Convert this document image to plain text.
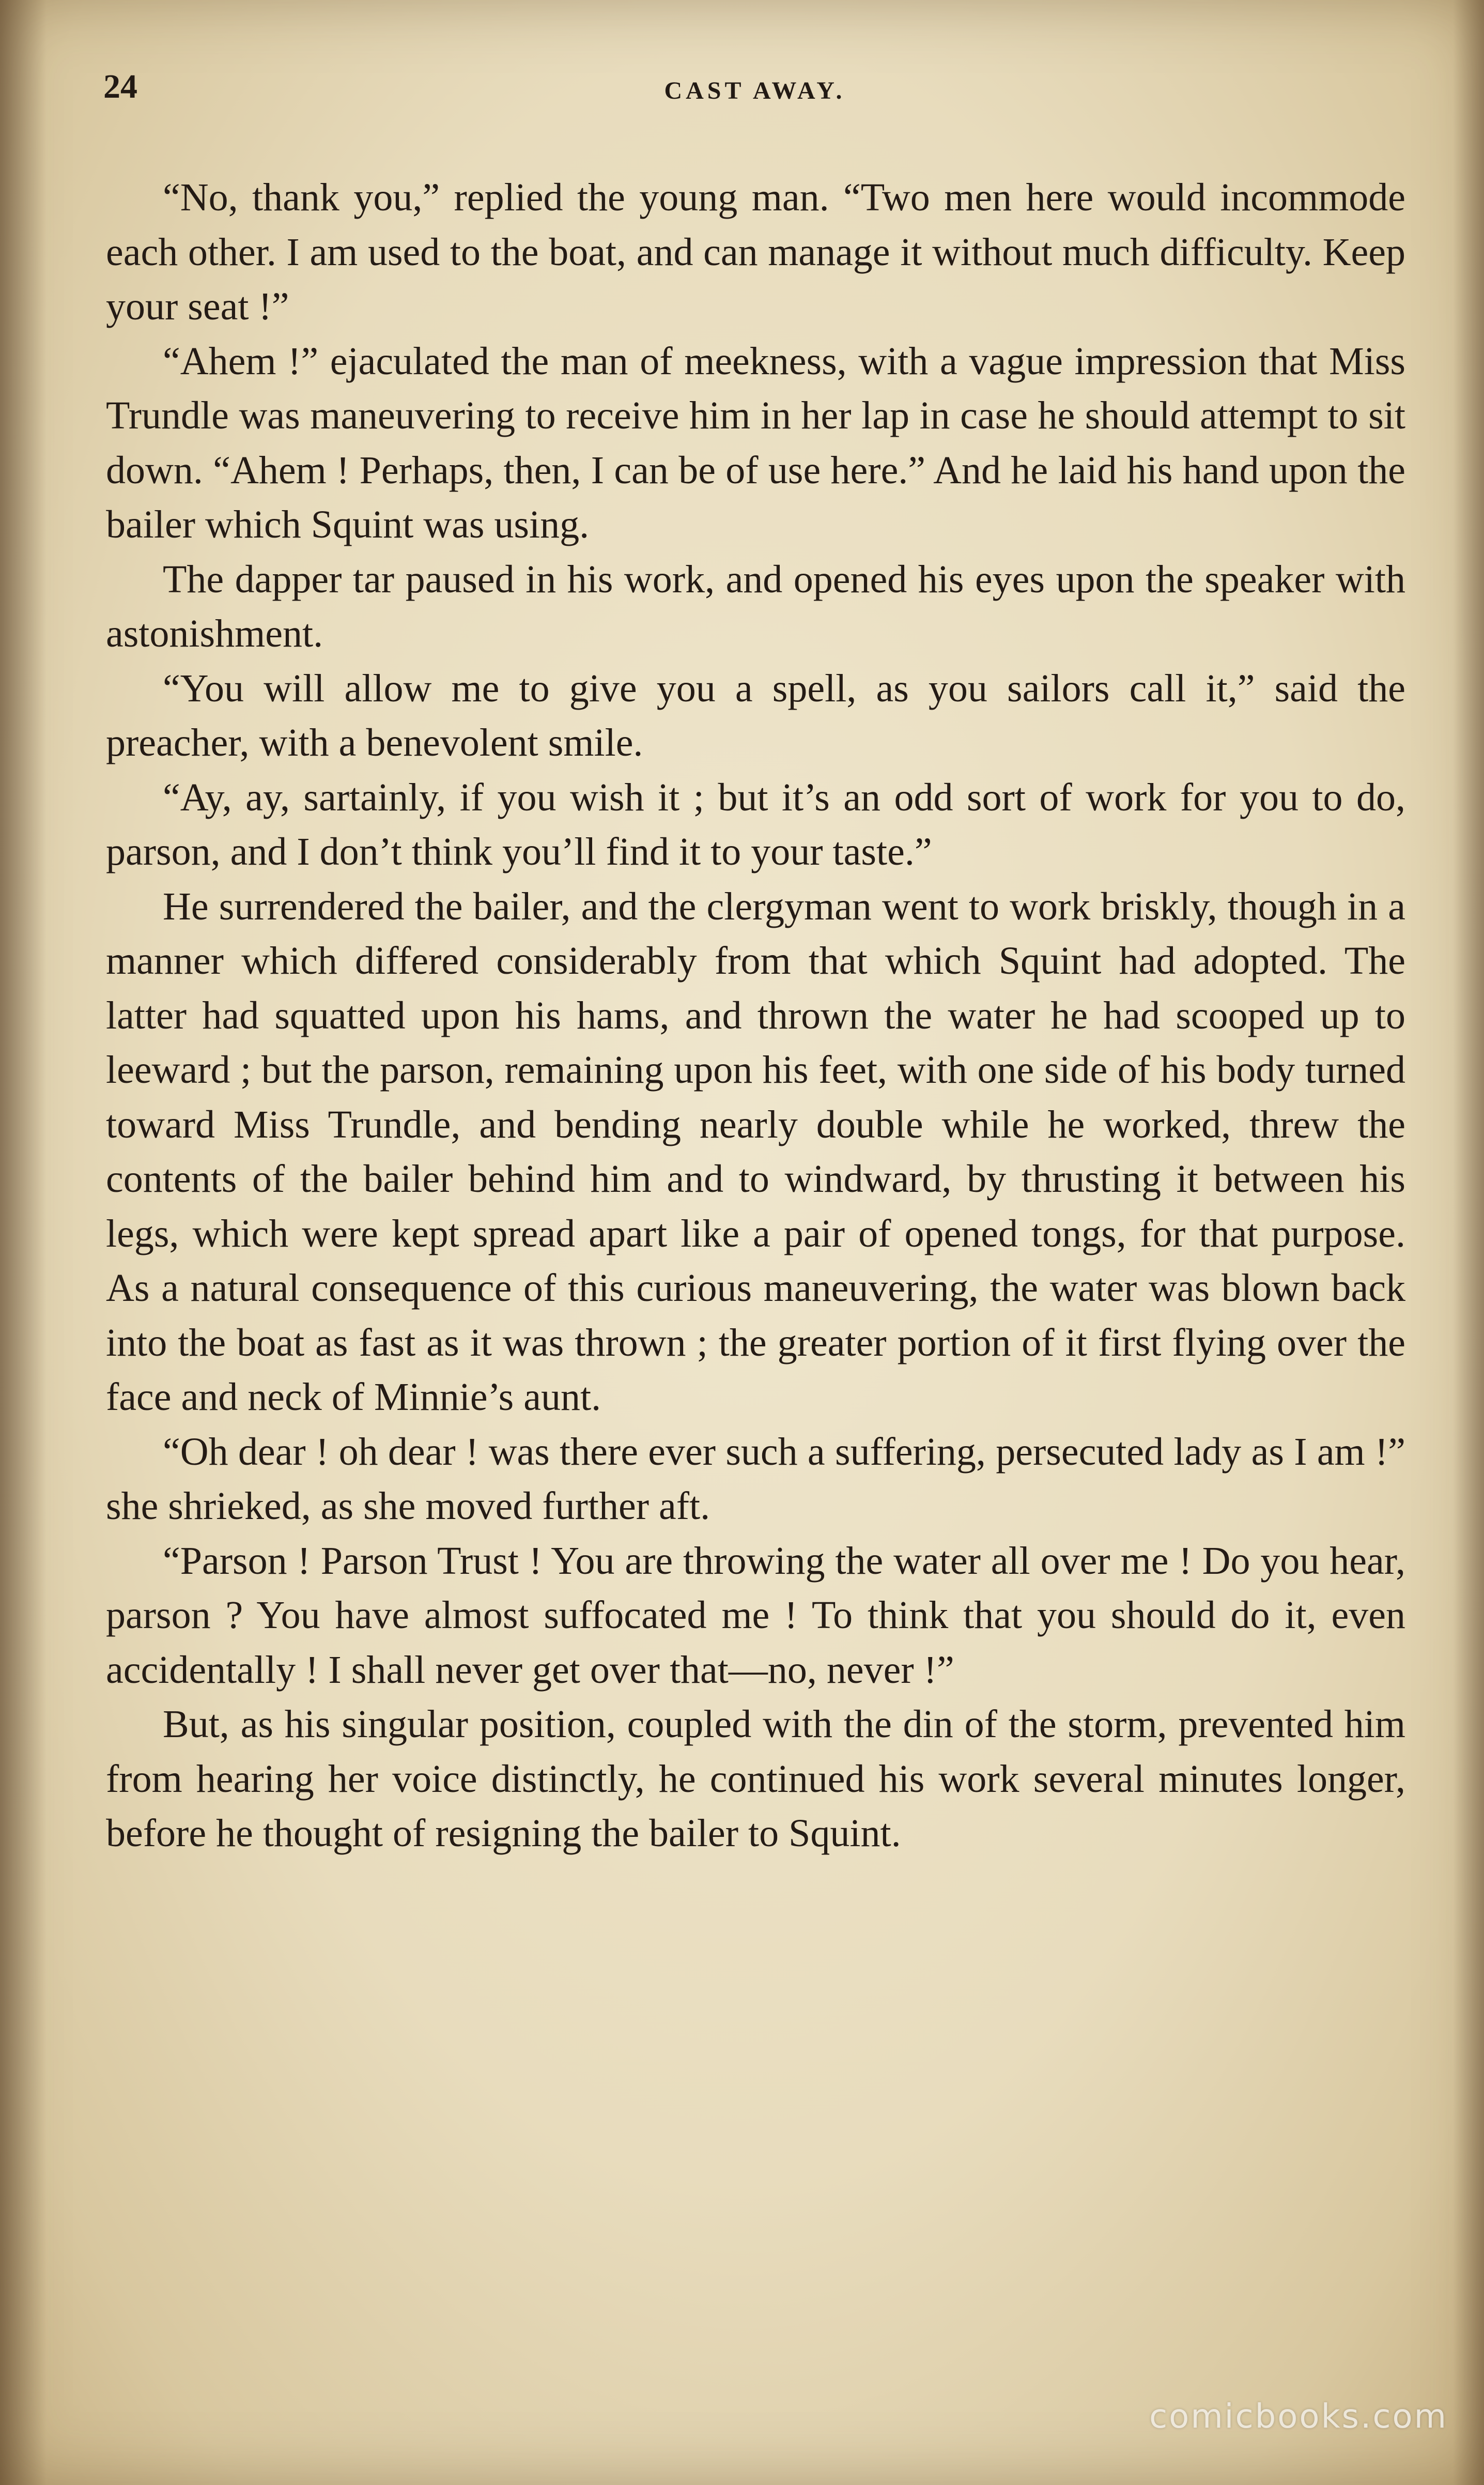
24	CAST AWAY.

“No, thank you,” replied the young man. “Two men here would incommode each other. I am used to the boat, and can manage it without much difficulty. Keep your seat !”

“Ahem !” ejaculated the man of meekness, with a vague impression that Miss Trundle was maneuvering to receive him in her lap in case he should attempt to sit down. “Ahem ! Perhaps, then, I can be of use here.” And he laid his hand upon the bailer which Squint was using.

The dapper tar paused in his work, and opened his eyes upon the speaker with astonishment.

“You will allow me to give you a spell, as you sailors call it,” said the preacher, with a benevolent smile.

“Ay, ay, sartainly, if you wish it ; but it’s an odd sort of work for you to do, parson, and I don’t think you’ll find it to your taste.”

He surrendered the bailer, and the clergyman went to work briskly, though in a manner which differed considerably from that which Squint had adopted. The latter had squatted upon his hams, and thrown the water he had scooped up to leeward ; but the parson, remaining upon his feet, with one side of his body turned toward Miss Trundle, and bending nearly double while he worked, threw the contents of the bailer behind him and to windward, by thrusting it between his legs, which were kept spread apart like a pair of opened tongs, for that purpose. As a natural consequence of this curious maneuvering, the water was blown back into the boat as fast as it was thrown ; the greater portion of it first flying over the face and neck of Minnie’s aunt.

“Oh dear ! oh dear ! was there ever such a suffering, persecuted lady as I am !” she shrieked, as she moved further aft.

“Parson ! Parson Trust ! You are throwing the water all over me ! Do you hear, parson ? You have almost suffocated me ! To think that you should do it, even accidentally ! I shall never get over that—no, never !”

But, as his singular position, coupled with the din of the storm, prevented him from hearing her voice distinctly, he continued his work several minutes longer, before he thought of resigning the bailer to Squint.

comicbooks.com
